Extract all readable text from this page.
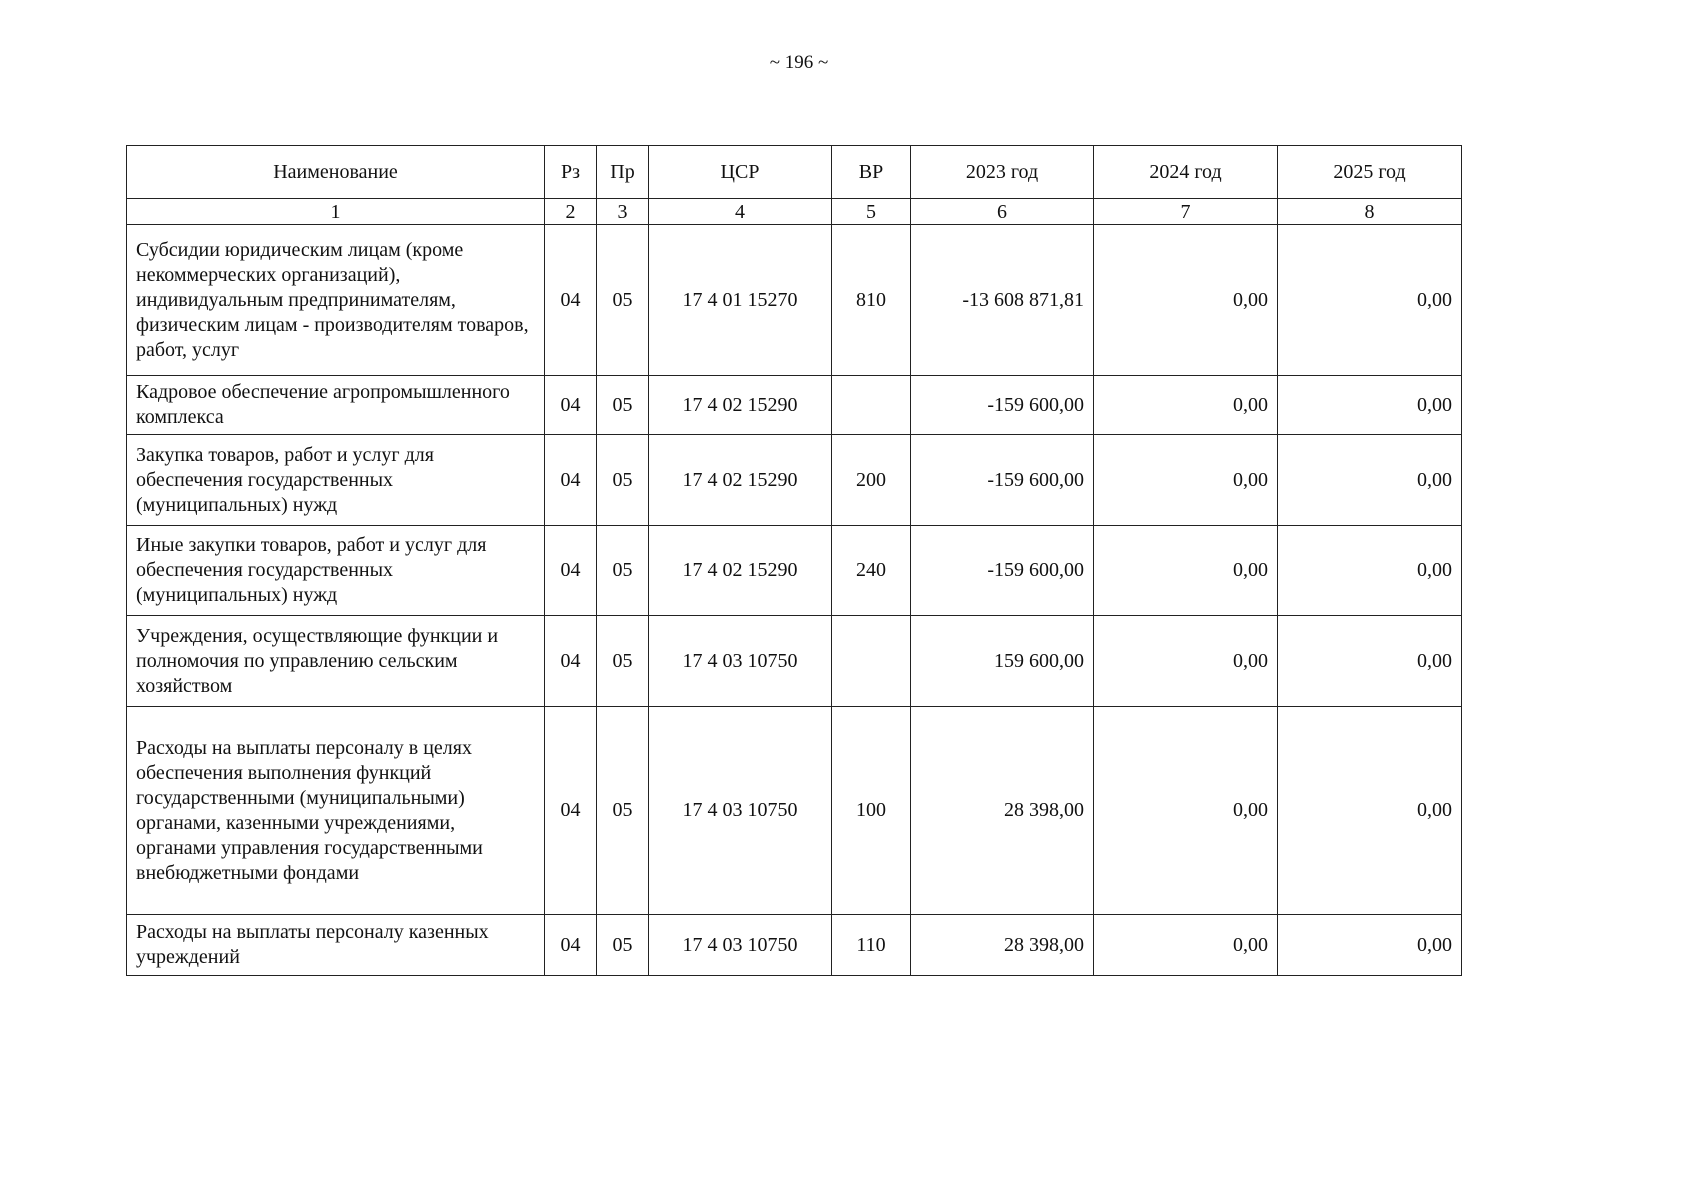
~ 196 ~
Наименование	Рз	Пр	ЦСР	ВР	2023 год	2024 год	2025 год
1	2	3	4	5	6	7	8
Субсидии юридическим лицам (кроме некоммерческих организаций), индивидуальным предпринимателям, физическим лицам - производителям товаров, работ, услуг	04	05	17 4 01 15270	810	-13 608 871,81	0,00	0,00
Кадровое обеспечение агропромышленного комплекса	04	05	17 4 02 15290		-159 600,00	0,00	0,00
Закупка товаров, работ и услуг для обеспечения государственных (муниципальных) нужд	04	05	17 4 02 15290	200	-159 600,00	0,00	0,00
Иные закупки товаров, работ и услуг для обеспечения государственных (муниципальных) нужд	04	05	17 4 02 15290	240	-159 600,00	0,00	0,00
Учреждения, осуществляющие функции и полномочия по управлению сельским хозяйством	04	05	17 4 03 10750		159 600,00	0,00	0,00
Расходы на выплаты персоналу в целях обеспечения выполнения функций государственными (муниципальными) органами, казенными учреждениями, органами управления государственными внебюджетными фондами	04	05	17 4 03 10750	100	28 398,00	0,00	0,00
Расходы на выплаты персоналу казенных учреждений	04	05	17 4 03 10750	110	28 398,00	0,00	0,00
